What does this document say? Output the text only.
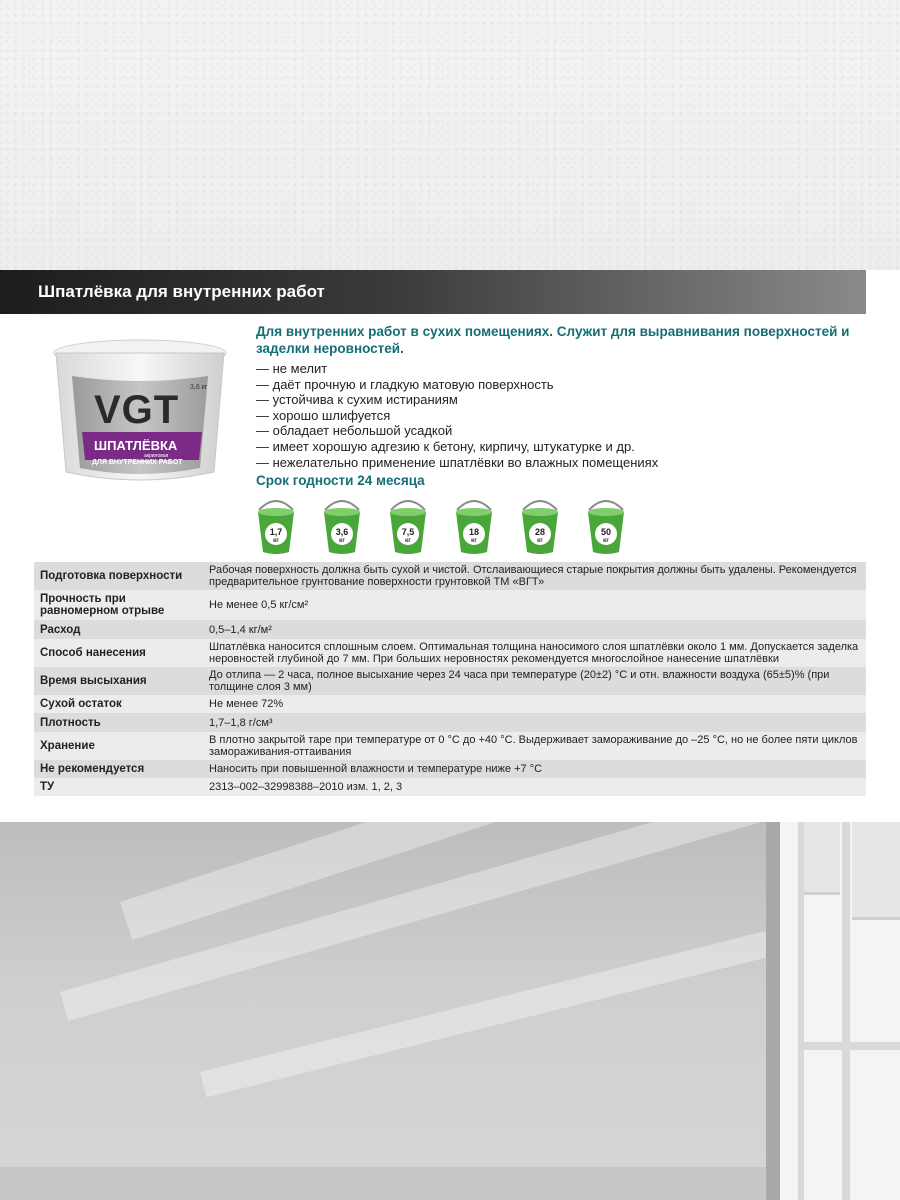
Шпатлёвка для внутренних работ
VGT
3,6 кг
ШПАТЛЁВКА
акриловая
ДЛЯ ВНУТРЕННИХ РАБОТ
Для внутренних работ в сухих помещениях. Служит для выравнивания поверхностей и заделки неровностей.
— не мелит
— даёт прочную и гладкую матовую поверхность
— устойчива к сухим истираниям
— хорошо шлифуется
— обладает небольшой усадкой
— имеет хорошую адгезию к бетону, кирпичу, штукатурке и др.
— нежелательно применение шпатлёвки во влажных помещениях
Срок годности 24 месяца
1,7
кг
3,6
кг
7,5
кг
18
кг
28
кг
50
кг
Подготовка поверхности	Рабочая поверхность должна быть сухой и чистой. Отслаивающиеся старые покрытия должны быть удалены. Рекомендуется предварительное грунтование поверхности грунтовкой ТМ «ВГТ»
Прочность при равномерном отрыве	Не менее 0,5 кг/см²
Расход	0,5–1,4 кг/м²
Способ нанесения	Шпатлёвка наносится сплошным слоем. Оптимальная толщина наносимого слоя шпатлёвки около 1 мм. Допускается заделка неровностей глубиной до 7 мм. При больших неровностях рекомендуется многослойное нанесение шпатлёвки
Время высыхания	До отлипа — 2 часа, полное высыхание через 24 часа при температуре (20±2) °С и отн. влажности воздуха (65±5)% (при толщине слоя 3 мм)
Сухой остаток	Не менее 72%
Плотность	1,7–1,8 г/см³
Хранение	В плотно закрытой таре при температуре от 0 °С до +40 °С. Выдерживает замораживание до –25 °С, но не более пяти циклов замораживания-оттаивания
Не рекомендуется	Наносить при повышенной влажности и температуре ниже +7 °С
ТУ	2313–002–32998388–2010 изм. 1, 2, 3
